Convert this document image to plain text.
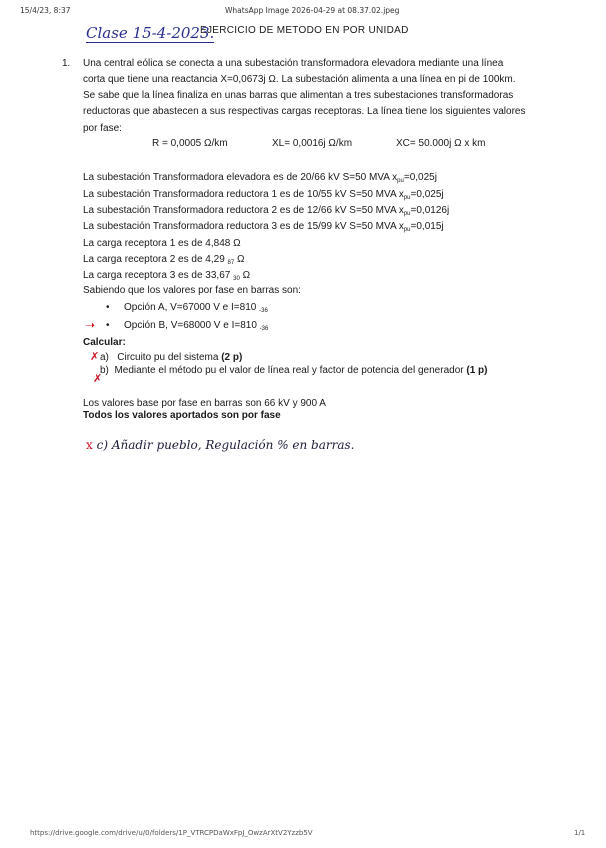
15/4/23, 8:37	WhatsApp Image 2026-04-29 at 08.37.02.jpeg
Clase 15-4-2023.
EJERCICIO DE METODO EN POR UNIDAD
1. Una central eólica se conecta a una subestación transformadora elevadora mediante una línea
corta que tiene una reactancia X=0,0673j Ω. La subestación alimenta a una línea en pi de 100km.
Se sabe que la línea finaliza en unas barras que alimentan a tres subestaciones transformadoras
reductoras que abastecen a sus respectivas cargas receptoras. La línea tiene los siguientes valores
por fase:
R = 0,0005 Ω/km	XL= 0,0016j Ω/km	XC= 50.000j Ω x km
La subestación Transformadora elevadora es de 20/66 kV S=50 MVA $x_{pu}=0,025j$
La subestación Transformadora reductora 1 es de 10/55 kV S=50 MVA $x_{pu}=0,025j$
La subestación Transformadora reductora 2 es de 12/66 kV S=50 MVA $x_{pu}=0,0126j$
La subestación Transformadora reductora 3 es de 15/99 kV S=50 MVA $x_{pu}=0,015j$
La carga receptora 1 es de 4,848 Ω
La carga receptora 2 es de 4,29 $_{87}$ Ω
La carga receptora 3 es de 33,67 $_{30}$ Ω
Sabiendo que los valores por fase en barras son:
• Opción A, V=67000 V e I=810 $_{-36}$
➝ • Opción B, V=68000 V e I=810 $_{-36}$
Calcular:
✗ a) Circuito pu del sistema (2 p)
✗
b) Mediante el método pu el valor de línea real y factor de potencia del generador (1 p)
Los valores base por fase en barras son 66 kV y 900 A
Todos los valores aportados son por fase
x c) Añadir pueblo, Regulación % en barras.
https://drive.google.com/drive/u/0/folders/1P_VTRCPDaWxFpJ_OwzArXtV2Yzzb5V	1/1
